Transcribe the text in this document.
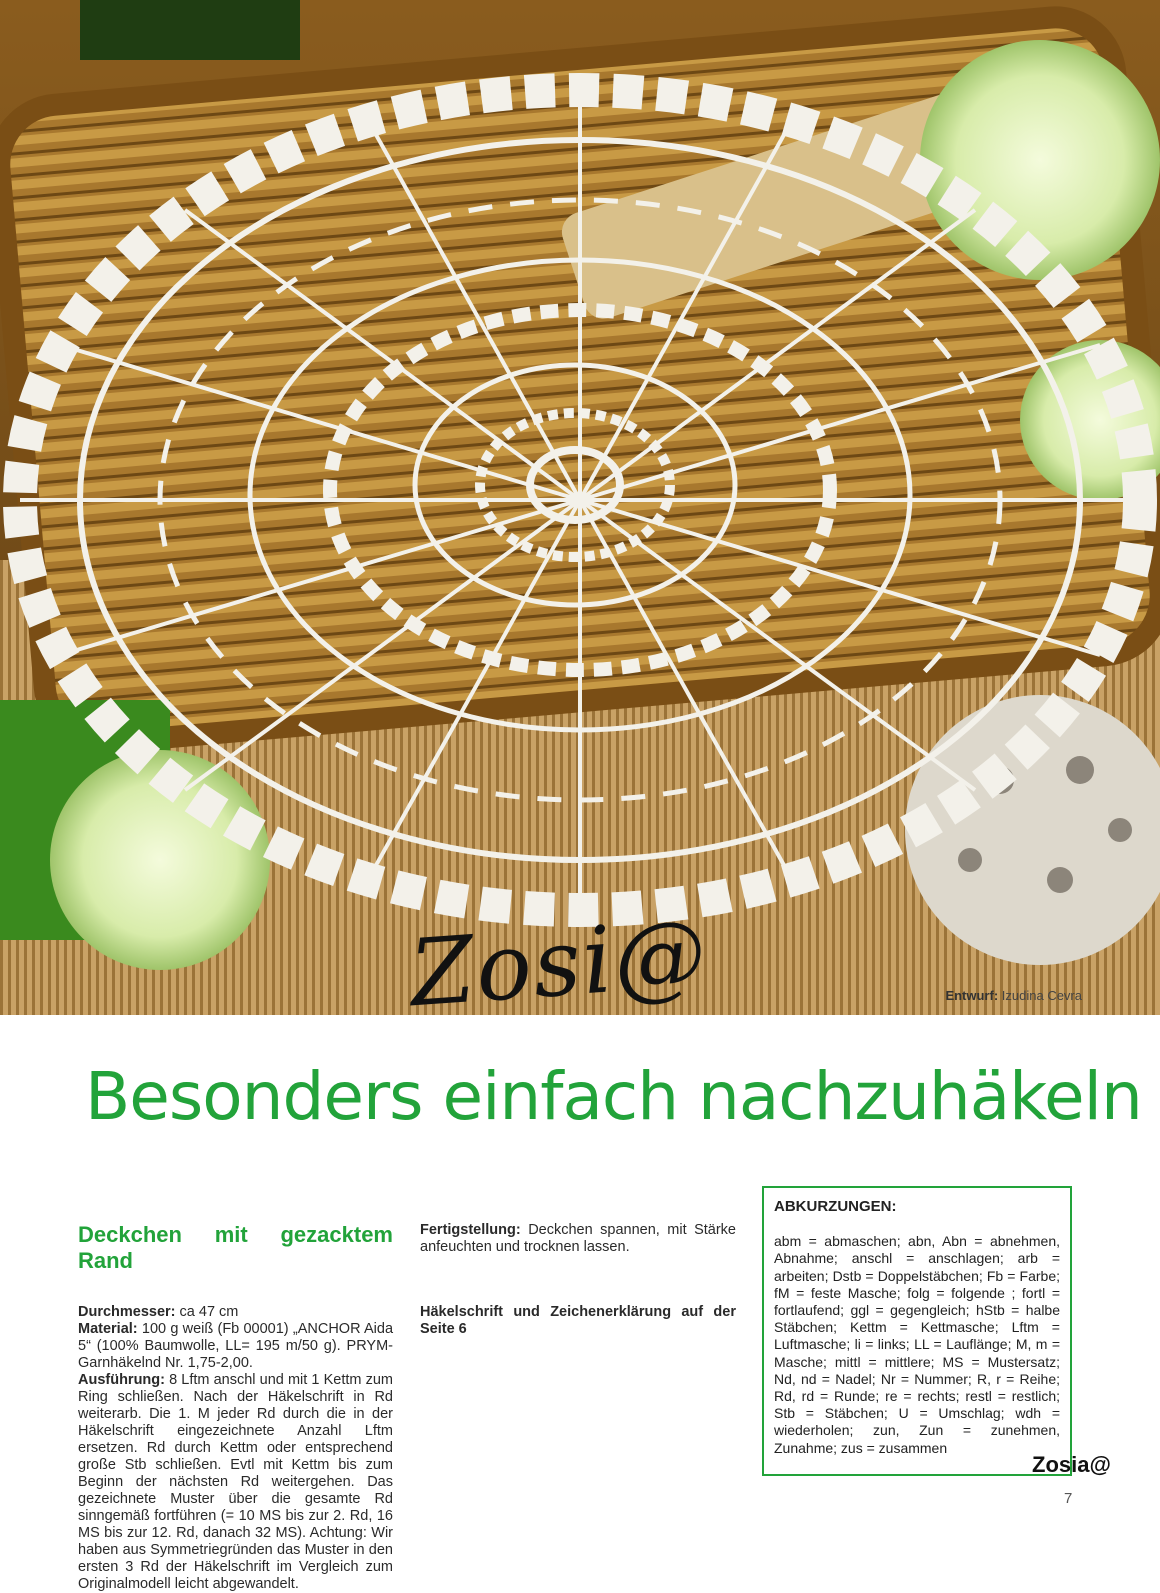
Zosi@	Entwurf: Izudina Cevra
Besonders einfach nachzuhäkeln
Deckchen mit gezacktem Rand

Durchmesser: ca 47 cm

Material: 100 g weiß (Fb 00001) „ANCHOR Aida 5“ (100% Baumwolle, LL= 195 m/50 g). PRYM-Garnhäkelnd Nr. 1,75-2,00.

Ausführung: 8 Lftm anschl und mit 1 Kettm zum Ring schließen. Nach der Häkelschrift in Rd weiterarb. Die 1. M jeder Rd durch die in der Häkelschrift eingezeichnete Anzahl Lftm ersetzen. Rd durch Kettm oder entsprechend große Stb schließen. Evtl mit Kettm bis zum Beginn der nächsten Rd weitergehen. Das gezeichnete Muster über die gesamte Rd sinngemäß fortführen (= 10 MS bis zur 2. Rd, 16 MS bis zur 12. Rd, danach 32 MS). Achtung: Wir haben aus Symmetriegründen das Muster in den ersten 3 Rd der Häkelschrift im Vergleich zum Originalmodell leicht abgewandelt.

Fertigstellung: Deckchen spannen, mit Stärke anfeuchten und trocknen lassen.

Häkelschrift und Zeichenerklärung auf der Seite 6

ABKURZUNGEN:
abm = abmaschen; abn, Abn = abnehmen, Abnahme; anschl = anschlagen; arb = arbeiten; Dstb = Doppelstäbchen; Fb = Farbe; fM = feste Masche; folg = folgende ; fortl = fortlaufend; ggl = gegengleich; hStb = halbe Stäbchen; Kettm = Kettmasche; Lftm = Luftmasche; li = links; LL = Lauflänge; M, m = Masche; mittl = mittlere; MS = Mustersatz; Nd, nd = Nadel; Nr = Nummer; R, r = Reihe; Rd, rd = Runde; re = rechts; restl = restlich; Stb = Stäbchen; U = Umschlag; wdh = wiederholen; zun, Zun = zunehmen, Zunahme; zus = zusammen
Zosia@
7
